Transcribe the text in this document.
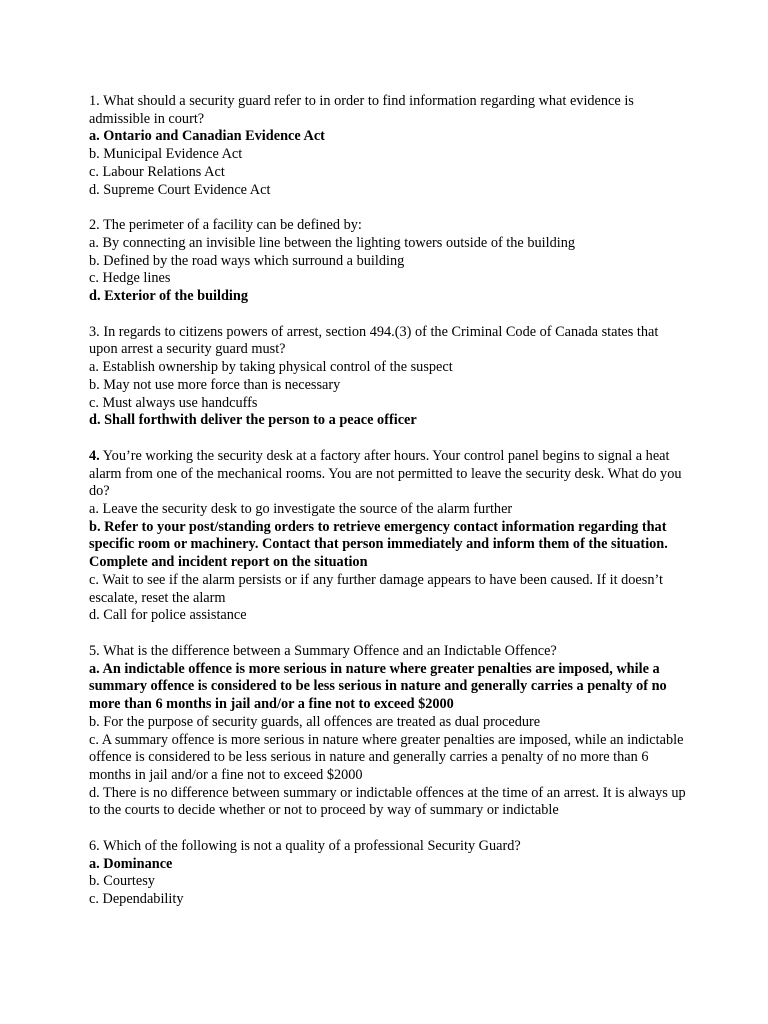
1. What should a security guard refer to in order to find information regarding what evidence is admissible in court?

a. Ontario and Canadian Evidence Act

b. Municipal Evidence Act

c. Labour Relations Act

d. Supreme Court Evidence Act

2. The perimeter of a facility can be defined by:

a. By connecting an invisible line between the lighting towers outside of the building

b. Defined by the road ways which surround a building

c. Hedge lines

d. Exterior of the building

3. In regards to citizens powers of arrest, section 494.(3) of the Criminal Code of Canada states that upon arrest a security guard must?

a. Establish ownership by taking physical control of the suspect

b. May not use more force than is necessary

c. Must always use handcuffs

d. Shall forthwith deliver the person to a peace officer

4. You’re working the security desk at a factory after hours. Your control panel begins to signal a heat alarm from one of the mechanical rooms. You are not permitted to leave the security desk. What do you do?

a. Leave the security desk to go investigate the source of the alarm further

b. Refer to your post/standing orders to retrieve emergency contact information regarding that specific room or machinery. Contact that person immediately and inform them of the situation. Complete and incident report on the situation

c. Wait to see if the alarm persists or if any further damage appears to have been caused. If it doesn’t escalate, reset the alarm

d. Call for police assistance

5. What is the difference between a Summary Offence and an Indictable Offence?

a. An indictable offence is more serious in nature where greater penalties are imposed, while a summary offence is considered to be less serious in nature and generally carries a penalty of no more than 6 months in jail and/or a fine not to exceed $2000

b. For the purpose of security guards, all offences are treated as dual procedure

c. A summary offence is more serious in nature where greater penalties are imposed, while an indictable offence is considered to be less serious in nature and generally carries a penalty of no more than 6 months in jail and/or a fine not to exceed $2000

d. There is no difference between summary or indictable offences at the time of an arrest. It is always up to the courts to decide whether or not to proceed by way of summary or indictable

6. Which of the following is not a quality of a professional Security Guard?

a. Dominance

b. Courtesy

c. Dependability
